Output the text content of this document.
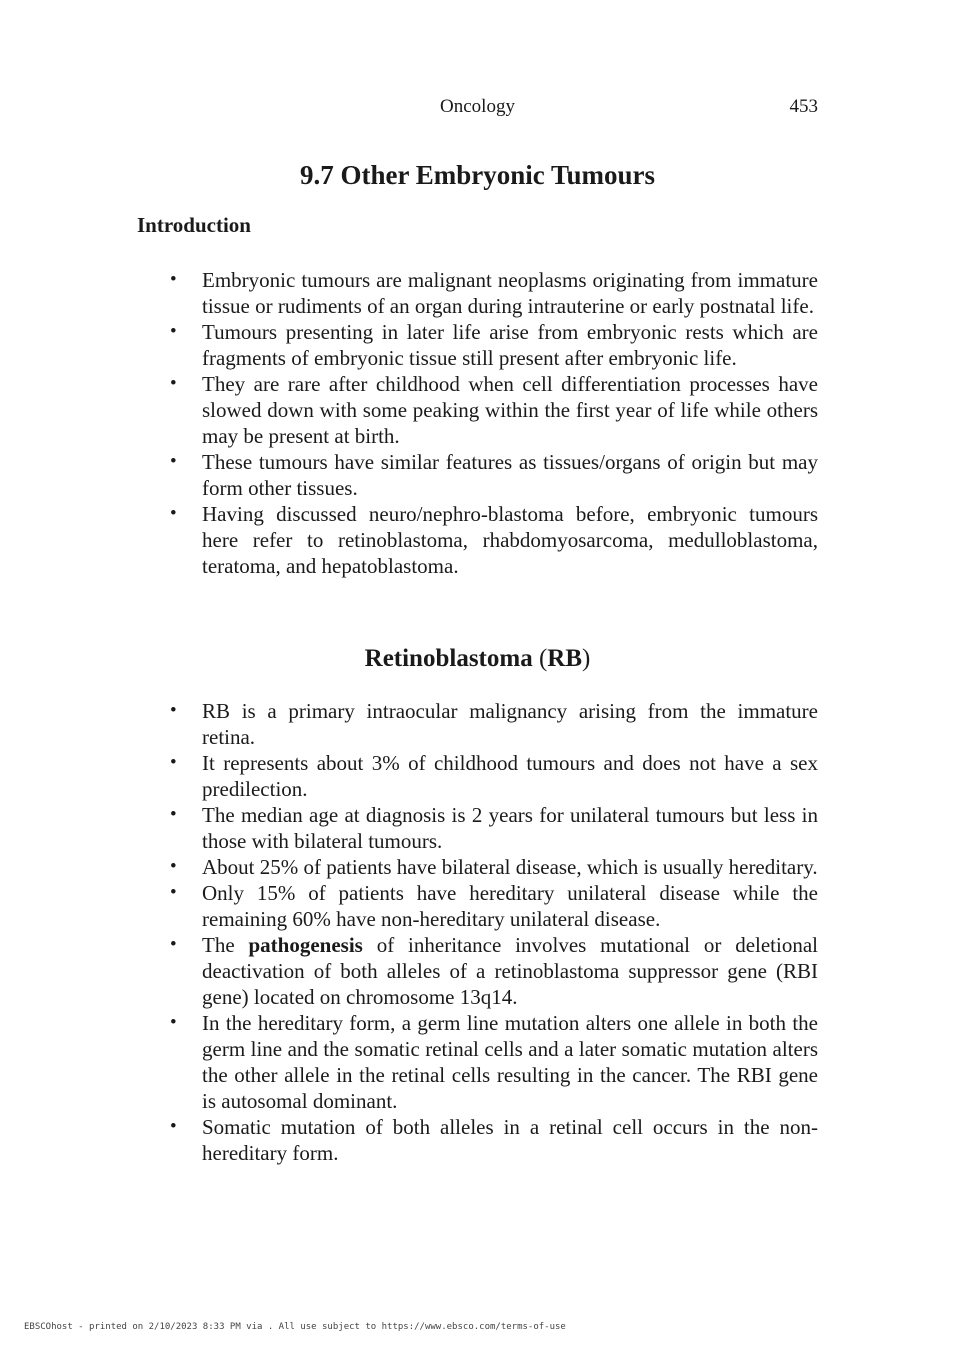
Oncology	453
9.7 Other Embryonic Tumours
Introduction
• Embryonic tumours are malignant neoplasms originating from immature tissue or rudiments of an organ during intrauterine or early postnatal life.
• Tumours presenting in later life arise from embryonic rests which are fragments of embryonic tissue still present after embryonic life.
• They are rare after childhood when cell differentiation processes have slowed down with some peaking within the first year of life while others may be present at birth.
• These tumours have similar features as tissues/organs of origin but may form other tissues.
• Having discussed neuro/nephro-blastoma before, embryonic tumours here refer to retinoblastoma, rhabdomyosarcoma, medulloblastoma, teratoma, and hepatoblastoma.
Retinoblastoma (RB)
• RB is a primary intraocular malignancy arising from the immature retina.
• It represents about 3% of childhood tumours and does not have a sex predilection.
• The median age at diagnosis is 2 years for unilateral tumours but less in those with bilateral tumours.
• About 25% of patients have bilateral disease, which is usually hereditary.
• Only 15% of patients have hereditary unilateral disease while the remaining 60% have non-hereditary unilateral disease.
• The pathogenesis of inheritance involves mutational or deletional deactivation of both alleles of a retinoblastoma suppressor gene (RBI gene) located on chromosome 13q14.
• In the hereditary form, a germ line mutation alters one allele in both the germ line and the somatic retinal cells and a later somatic mutation alters the other allele in the retinal cells resulting in the cancer. The RBI gene is autosomal dominant.
• Somatic mutation of both alleles in a retinal cell occurs in the non-hereditary form.
EBSCOhost - printed on 2/10/2023 8:33 PM via . All use subject to https://www.ebsco.com/terms-of-use
